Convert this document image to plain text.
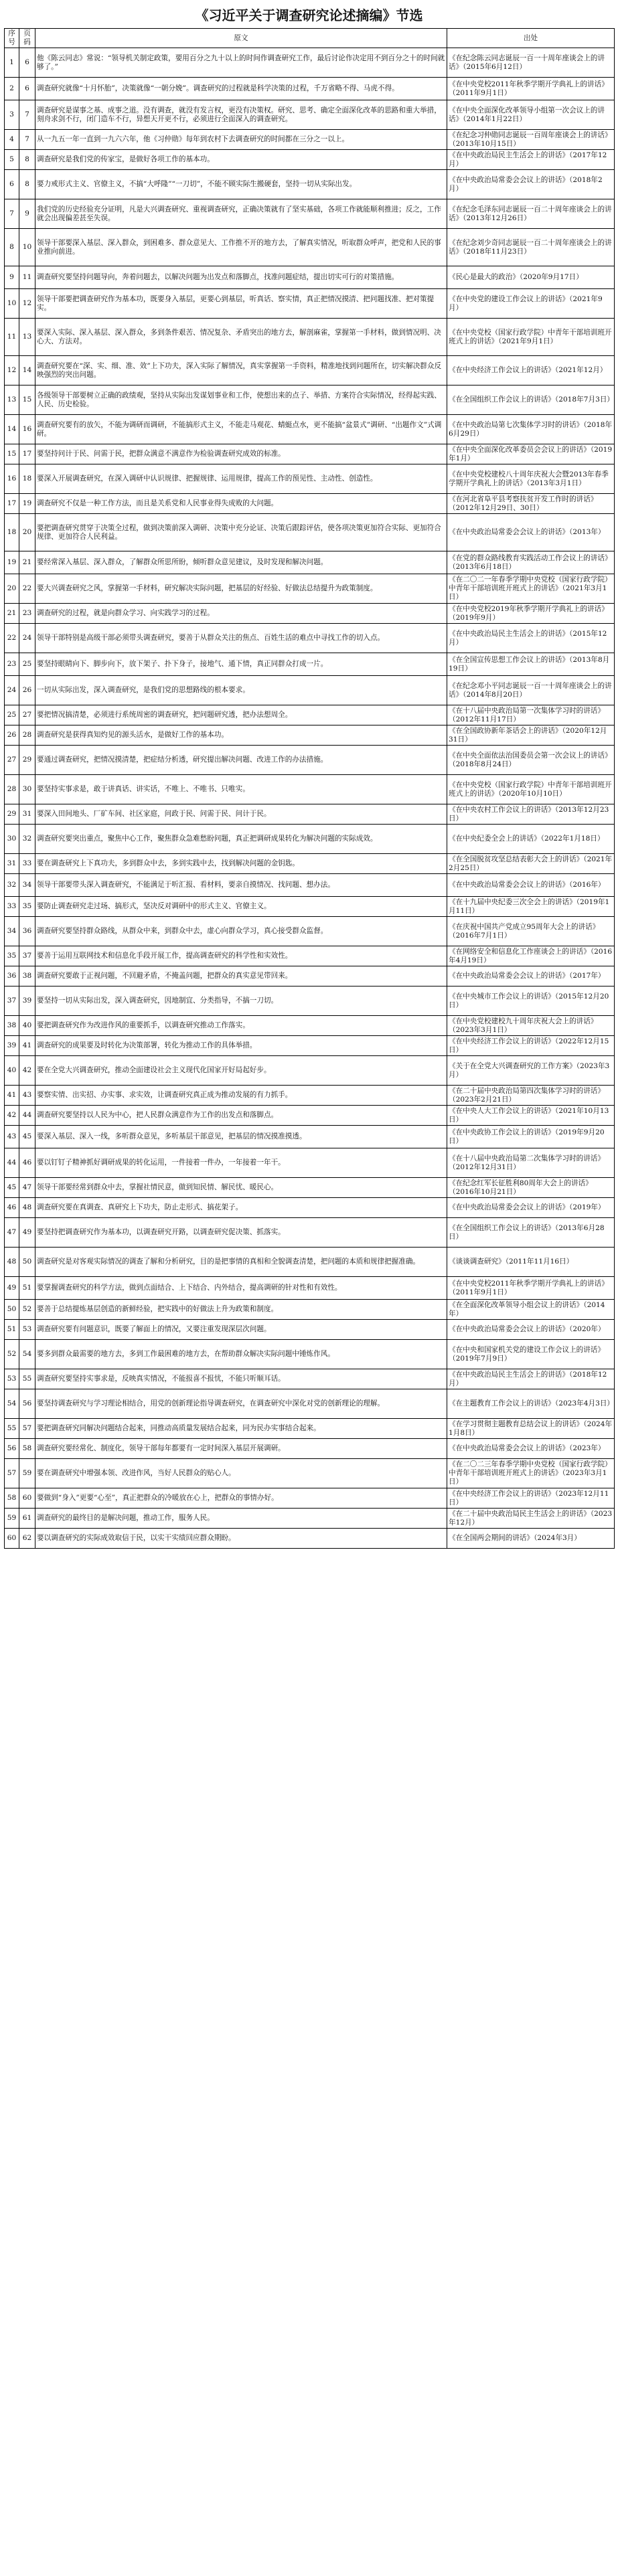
《习近平关于调查研究论述摘编》节选
序号	页码	原文	出处
1	6	他《陈云同志》常说：“领导机关制定政策，要用百分之九十以上的时间作调查研究工作，最后讨论作决定用不到百分之十的时间就够了。”	《在纪念陈云同志诞辰一百一十周年座谈会上的讲话》（2015年6月12日）
2	6	调查研究就像“十月怀胎”，决策就像“一朝分娩”。调查研究的过程就是科学决策的过程，千万省略不得、马虎不得。	《在中央党校2011年秋季学期开学典礼上的讲话》（2011年9月1日）
3	7	调查研究是谋事之基、成事之道。没有调查，就没有发言权，更没有决策权。研究、思考、确定全面深化改革的思路和重大举措，刻舟求剑不行，闭门造车不行，异想天开更不行，必须进行全面深入的调查研究。	《在中央全面深化改革领导小组第一次会议上的讲话》（2014年1月22日）
4	7	从一九五一年一直到一九六六年，他《习仲勋》每年到农村下去调查研究的时间都在三分之一以上。	《在纪念习仲勋同志诞辰一百周年座谈会上的讲话》（2013年10月15日）
5	8	调查研究是我们党的传家宝，是做好各项工作的基本功。	《在中央政治局民主生活会上的讲话》（2017年12月）
6	8	要力戒形式主义、官僚主义，不搞“大呼隆”“一刀切”，不能不顾实际生搬硬套，坚持一切从实际出发。	《在中央政治局常委会会议上的讲话》（2018年2月）
7	9	我们党的历史经验充分证明，凡是大兴调查研究、重视调查研究，正确决策就有了坚实基础，各项工作就能顺利推进；反之，工作就会出现偏差甚至失误。	《在纪念毛泽东同志诞辰一百二十周年座谈会上的讲话》（2013年12月26日）
8	10	领导干部要深入基层、深入群众，到困难多、群众意见大、工作推不开的地方去，了解真实情况，听取群众呼声，把党和人民的事业推向前进。	《在纪念刘少奇同志诞辰一百二十周年座谈会上的讲话》（2018年11月23日）
9	11	调查研究要坚持问题导向，奔着问题去，以解决问题为出发点和落脚点，找准问题症结，提出切实可行的对策措施。	《民心是最大的政治》（2020年9月17日）
10	12	领导干部要把调查研究作为基本功，既要身入基层，更要心到基层，听真话、察实情，真正把情况摸清、把问题找准、把对策提实。	《在中央党的建设工作会议上的讲话》（2021年9月）
11	13	要深入实际、深入基层、深入群众，多到条件艰苦、情况复杂、矛盾突出的地方去，解剖麻雀，掌握第一手材料，做到情况明、决心大、方法对。	《在中央党校（国家行政学院）中青年干部培训班开班式上的讲话》（2021年9月1日）
12	14	调查研究要在“深、实、细、准、效”上下功夫，深入实际了解情况，真实掌握第一手资料，精准地找到问题所在，切实解决群众反映强烈的突出问题。	《在中央经济工作会议上的讲话》（2021年12月）
13	15	各级领导干部要树立正确的政绩观，坚持从实际出发谋划事业和工作，使想出来的点子、举措、方案符合实际情况，经得起实践、人民、历史检验。	《在全国组织工作会议上的讲话》（2018年7月3日）
14	16	调查研究要有的放矢，不能为调研而调研，不能搞形式主义，不能走马观花、蜻蜓点水，更不能搞“盆景式”调研、“出题作文”式调研。	《在中央政治局第七次集体学习时的讲话》（2018年6月29日）
15	17	要坚持问计于民、问需于民，把群众满意不满意作为检验调查研究成效的标准。	《在中央全面深化改革委员会会议上的讲话》（2019年1月）
16	18	要深入开展调查研究，在深入调研中认识规律、把握规律、运用规律，提高工作的预见性、主动性、创造性。	《在中央党校建校八十周年庆祝大会暨2013年春季学期开学典礼上的讲话》（2013年3月1日）
17	19	调查研究不仅是一种工作方法，而且是关系党和人民事业得失成败的大问题。	《在河北省阜平县考察扶贫开发工作时的讲话》（2012年12月29日、30日）
18	20	要把调查研究贯穿于决策全过程，做到决策前深入调研、决策中充分论证、决策后跟踪评估，使各项决策更加符合实际、更加符合规律、更加符合人民利益。	《在中央政治局常委会会议上的讲话》（2013年）
19	21	要经常深入基层、深入群众，了解群众所思所盼，倾听群众意见建议，及时发现和解决问题。	《在党的群众路线教育实践活动工作会议上的讲话》（2013年6月18日）
20	22	要大兴调查研究之风，掌握第一手材料，研究解决实际问题，把基层的好经验、好做法总结提升为政策制度。	《在二〇二一年春季学期中央党校（国家行政学院）中青年干部培训班开班式上的讲话》（2021年3月1日）
21	23	调查研究的过程，就是向群众学习、向实践学习的过程。	《在中央党校2019年秋季学期开学典礼上的讲话》（2019年9月）
22	24	领导干部特别是高级干部必须带头调查研究，要善于从群众关注的焦点、百姓生活的难点中寻找工作的切入点。	《在中央政治局民主生活会上的讲话》（2015年12月）
23	25	要坚持眼睛向下、脚步向下，放下架子、扑下身子，接地气、通下情，真正同群众打成一片。	《在全国宣传思想工作会议上的讲话》（2013年8月19日）
24	26	一切从实际出发，深入调查研究，是我们党的思想路线的根本要求。	《在纪念邓小平同志诞辰一百一十周年座谈会上的讲话》（2014年8月20日）
25	27	要把情况搞清楚，必须进行系统周密的调查研究，把问题研究透，把办法想周全。	《在十八届中央政治局第一次集体学习时的讲话》（2012年11月17日）
26	28	调查研究是获得真知灼见的源头活水，是做好工作的基本功。	《在全国政协新年茶话会上的讲话》（2020年12月31日）
27	29	要通过调查研究，把情况摸清楚，把症结分析透，研究提出解决问题、改进工作的办法措施。	《在中央全面依法治国委员会第一次会议上的讲话》（2018年8月24日）
28	30	要坚持实事求是，敢于讲真话、讲实话，不唯上、不唯书、只唯实。	《在中央党校（国家行政学院）中青年干部培训班开班式上的讲话》（2020年10月10日）
29	31	要深入田间地头、厂矿车间、社区家庭，问政于民、问需于民、问计于民。	《在中央农村工作会议上的讲话》（2013年12月23日）
30	32	调查研究要突出重点，聚焦中心工作，聚焦群众急难愁盼问题，真正把调研成果转化为解决问题的实际成效。	《在中央纪委全会上的讲话》（2022年1月18日）
31	33	要在调查研究上下真功夫，多到群众中去，多到实践中去，找到解决问题的金钥匙。	《在全国脱贫攻坚总结表彰大会上的讲话》（2021年2月25日）
32	34	领导干部要带头深入调查研究，不能满足于听汇报、看材料，要亲自摸情况、找问题、想办法。	《在中央政治局常委会会议上的讲话》（2016年）
33	35	要防止调查研究走过场、搞形式，坚决反对调研中的形式主义、官僚主义。	《在十九届中央纪委三次全会上的讲话》（2019年1月11日）
34	36	调查研究要坚持群众路线，从群众中来，到群众中去，虚心向群众学习，真心接受群众监督。	《在庆祝中国共产党成立95周年大会上的讲话》（2016年7月1日）
35	37	要善于运用互联网技术和信息化手段开展工作，提高调查研究的科学性和实效性。	《在网络安全和信息化工作座谈会上的讲话》（2016年4月19日）
36	38	调查研究要敢于正视问题，不回避矛盾，不掩盖问题，把群众的真实意见带回来。	《在中央政治局常委会会议上的讲话》（2017年）
37	39	要坚持一切从实际出发，深入调查研究，因地制宜、分类指导，不搞一刀切。	《在中央城市工作会议上的讲话》（2015年12月20日）
38	40	要把调查研究作为改进作风的重要抓手，以调查研究推动工作落实。	《在中央党校建校九十周年庆祝大会上的讲话》（2023年3月1日）
39	41	调查研究的成果要及时转化为决策部署，转化为推动工作的具体举措。	《在中央经济工作会议上的讲话》（2022年12月15日）
40	42	要在全党大兴调查研究，推动全面建设社会主义现代化国家开好局起好步。	《关于在全党大兴调查研究的工作方案》（2023年3月）
41	43	要察实情、出实招、办实事、求实效，让调查研究真正成为推动发展的有力抓手。	《在二十届中央政治局第四次集体学习时的讲话》（2023年2月21日）
42	44	调查研究要坚持以人民为中心，把人民群众满意作为工作的出发点和落脚点。	《在中央人大工作会议上的讲话》（2021年10月13日）
43	45	要深入基层、深入一线，多听群众意见，多听基层干部意见，把基层的情况摸准摸透。	《在中央政协工作会议上的讲话》（2019年9月20日）
44	46	要以钉钉子精神抓好调研成果的转化运用，一件接着一件办，一年接着一年干。	《在十八届中央政治局第二次集体学习时的讲话》（2012年12月31日）
45	47	领导干部要经常到群众中去，掌握社情民意，做到知民情、解民忧、暖民心。	《在纪念红军长征胜利80周年大会上的讲话》（2016年10月21日）
46	48	调查研究要在真调查、真研究上下功夫，防止走形式、搞花架子。	《在中央政治局常委会会议上的讲话》（2019年）
47	49	要坚持把调查研究作为基本功，以调查研究开路，以调查研究促决策、抓落实。	《在全国组织工作会议上的讲话》（2013年6月28日）
48	50	调查研究是对客观实际情况的调查了解和分析研究，目的是把事情的真相和全貌调查清楚，把问题的本质和规律把握准确。	《谈谈调查研究》（2011年11月16日）
49	51	要掌握调查研究的科学方法，做到点面结合、上下结合、内外结合，提高调研的针对性和有效性。	《在中央党校2011年秋季学期开学典礼上的讲话》（2011年9月1日）
50	52	要善于总结提炼基层创造的新鲜经验，把实践中的好做法上升为政策和制度。	《在全面深化改革领导小组会议上的讲话》（2014年）
51	53	调查研究要有问题意识，既要了解面上的情况，又要注重发现深层次问题。	《在中央政治局常委会会议上的讲话》（2020年）
52	54	要多到群众最需要的地方去，多到工作最困难的地方去，在帮助群众解决实际问题中锤炼作风。	《在中央和国家机关党的建设工作会议上的讲话》（2019年7月9日）
53	55	调查研究要坚持实事求是，反映真实情况，不能报喜不报忧，不能只听顺耳话。	《在中央政治局民主生活会上的讲话》（2018年12月）
54	56	要坚持调查研究与学习理论相结合，用党的创新理论指导调查研究，在调查研究中深化对党的创新理论的理解。	《在主题教育工作会议上的讲话》（2023年4月3日）
55	57	要把调查研究同解决问题结合起来，同推动高质量发展结合起来，同为民办实事结合起来。	《在学习贯彻主题教育总结会议上的讲话》（2024年1月8日）
56	58	调查研究要经常化、制度化，领导干部每年都要有一定时间深入基层开展调研。	《在中央政治局常委会会议上的讲话》（2023年）
57	59	要在调查研究中增强本领、改进作风，当好人民群众的贴心人。	《在二〇二三年春季学期中央党校（国家行政学院）中青年干部培训班开班式上的讲话》（2023年3月1日）
58	60	要做到“身入”更要“心至”，真正把群众的冷暖放在心上，把群众的事情办好。	《在中央经济工作会议上的讲话》（2023年12月11日）
59	61	调查研究的最终目的是解决问题，推动工作，服务人民。	《在二十届中央政治局民主生活会上的讲话》（2023年12月）
60	62	要以调查研究的实际成效取信于民，以实干实绩回应群众期盼。	《在全国两会期间的讲话》（2024年3月）
